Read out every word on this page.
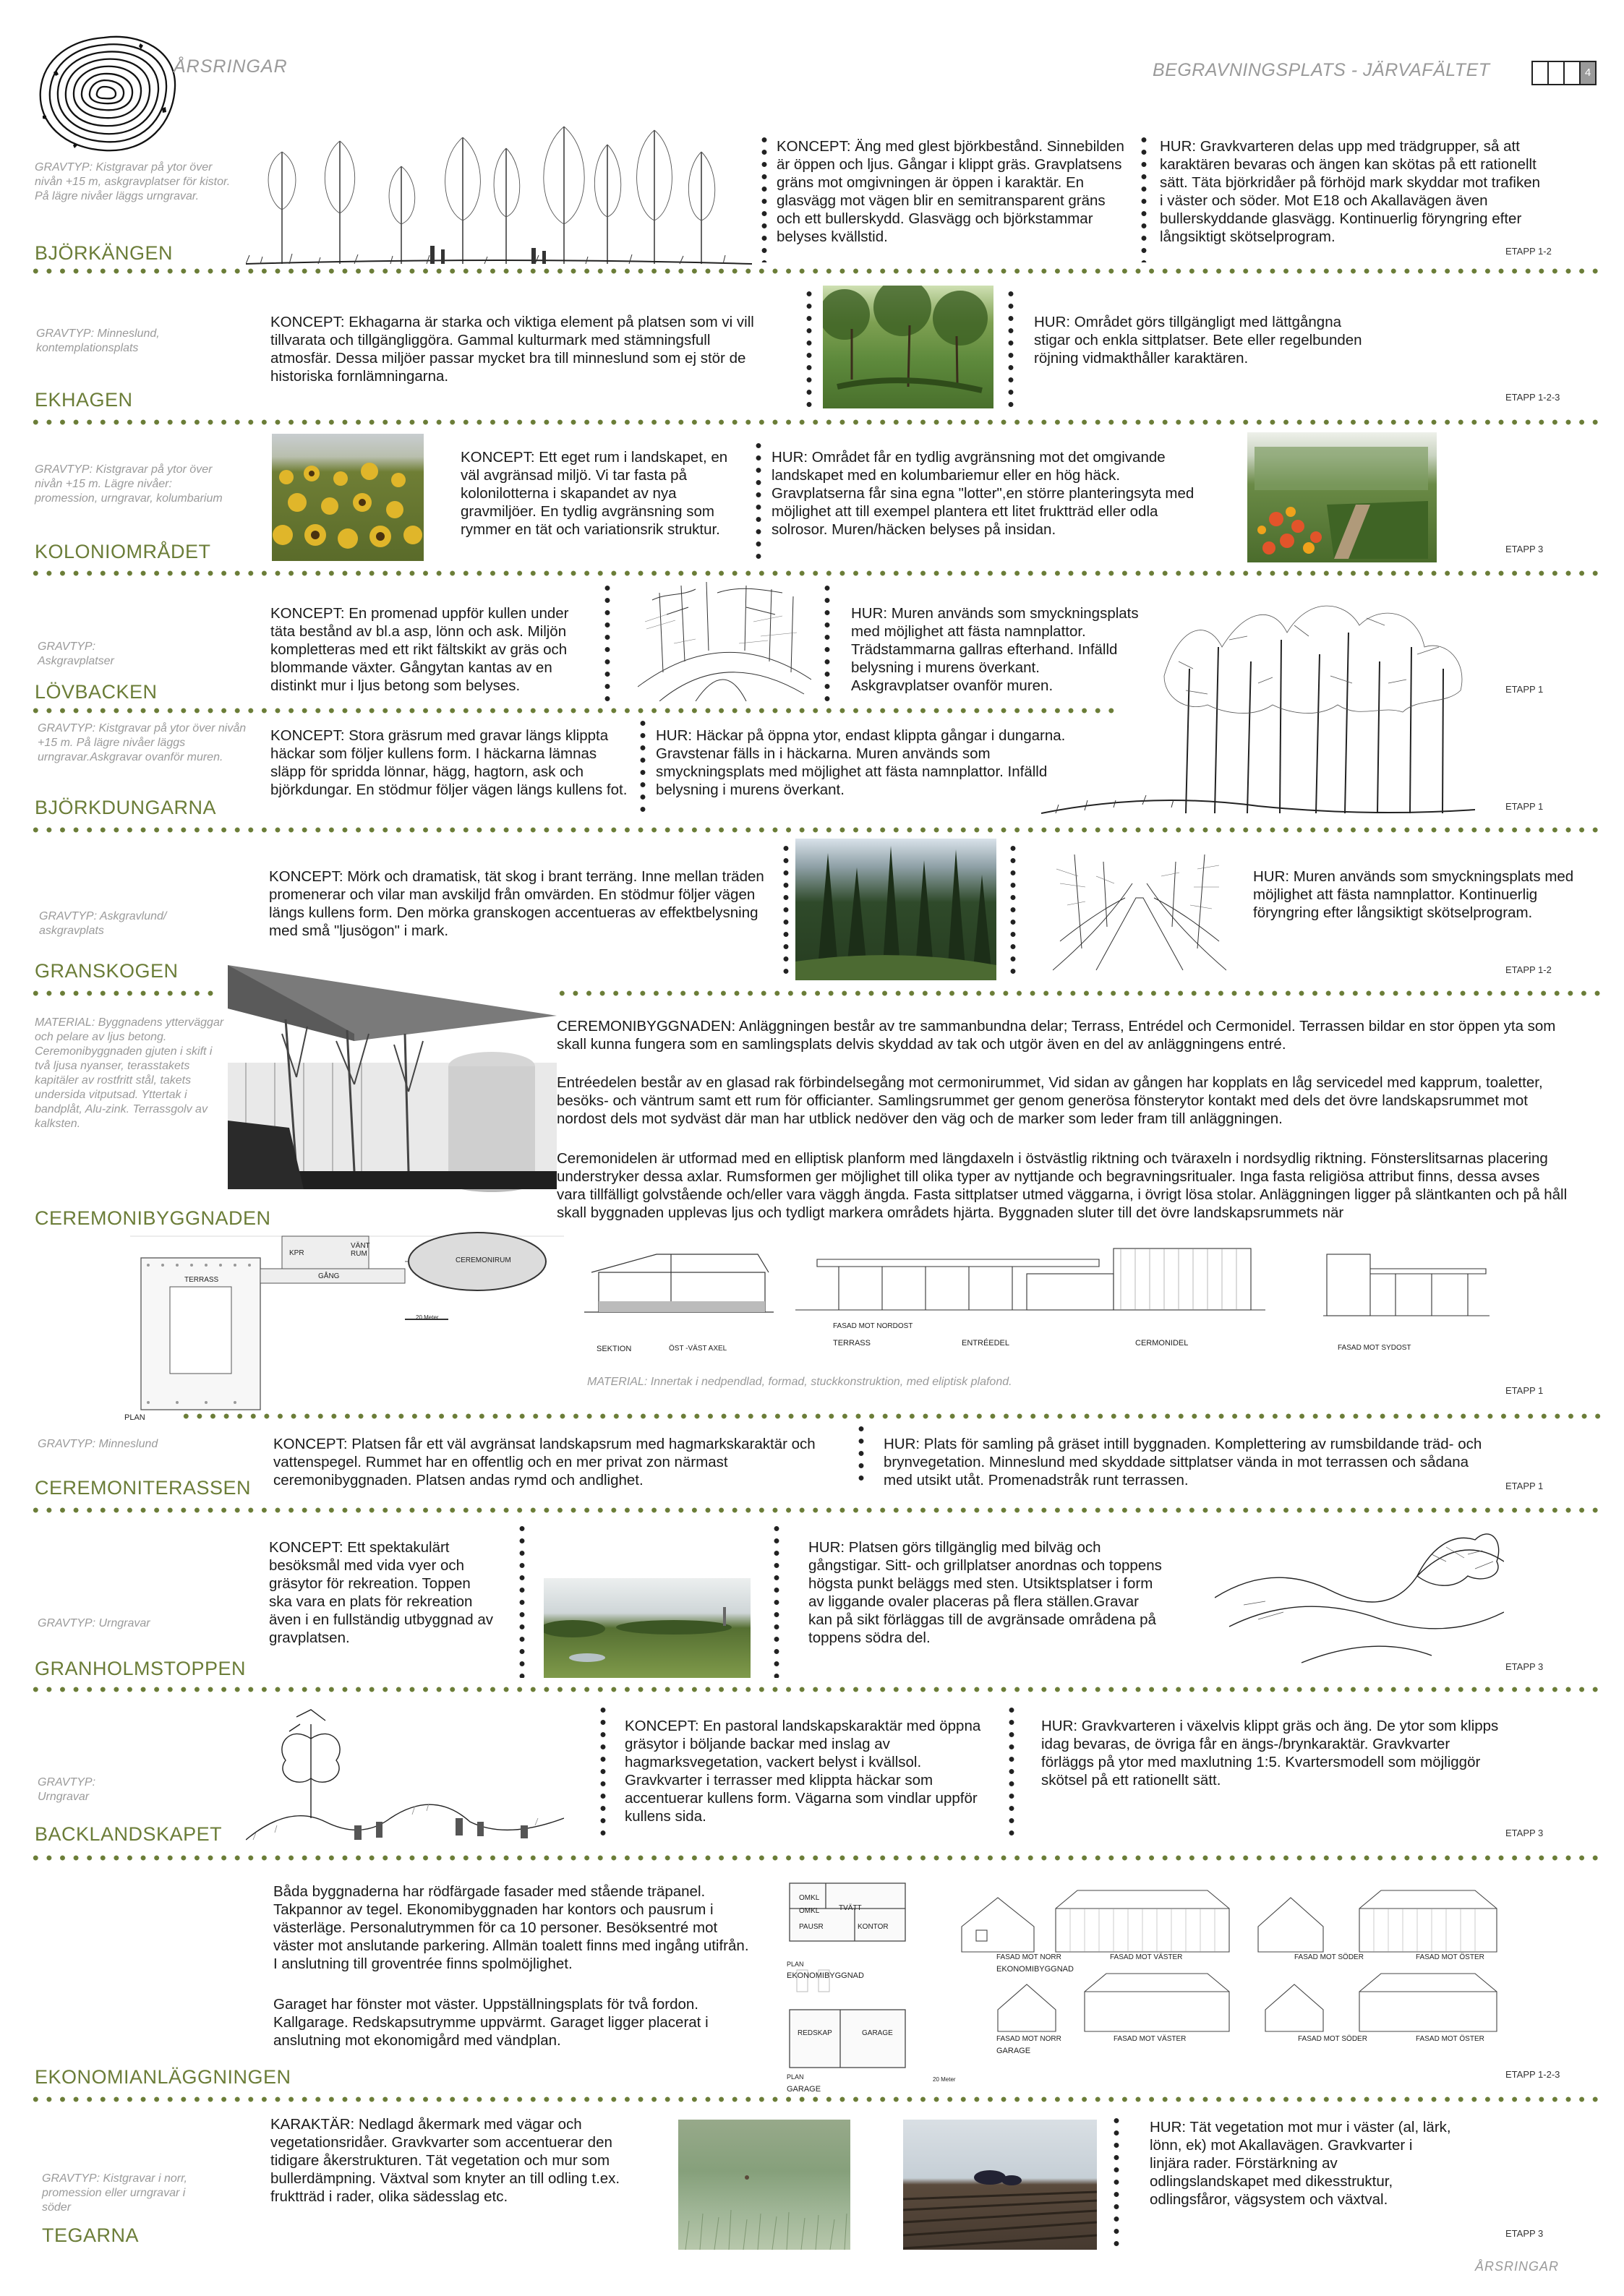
ÅRSRINGAR	BEGRAVNINGSPLATS - JÄRVAFÄLTET	4
GRAVTYP: Kistgravar på ytor över nivån +15 m, askgravplatser för kistor. På lägre nivåer läggs urngravar.
BJÖRKÄNGEN
KONCEPT: Äng med glest björkbestånd. Sinnebilden är öppen och ljus. Gångar i klippt gräs. Gravplatsens gräns mot omgivningen är öppen i karaktär. En glasvägg mot vägen blir en semitransparent gräns och ett bullerskydd. Glasvägg och björkstammar belyses kvällstid.
HUR: Gravkvarteren delas upp med trädgrupper, så att karaktären bevaras och ängen kan skötas på ett rationellt sätt. Täta björkridåer på förhöjd mark skyddar mot trafiken i väster och söder. Mot E18 och Akallavägen även bullerskyddande glasvägg. Kontinuerlig föryngring efter långsiktigt skötselprogram.
ETAPP 1-2
GRAVTYP: Minneslund, kontemplationsplats
EKHAGEN
KONCEPT: Ekhagarna är starka och viktiga element på platsen som vi vill tillvarata och tillgängliggöra. Gammal kulturmark med stämningsfull atmosfär. Dessa miljöer passar mycket bra till minneslund som ej stör de historiska fornlämningarna.
HUR: Området görs tillgängligt med lättgångna stigar och enkla sittplatser. Bete eller regelbunden röjning vidmakthåller karaktären.
ETAPP 1-2-3
GRAVTYP: Kistgravar på ytor över nivån +15 m. Lägre nivåer: promession, urngravar, kolumbarium
KOLONIOMRÅDET
KONCEPT: Ett eget rum i landskapet, en väl avgränsad miljö. Vi tar fasta på kolonilotterna i skapandet av nya gravmiljöer. En tydlig avgränsning som rymmer en tät och variationsrik struktur.
HUR: Området får en tydlig avgränsning mot det omgivande landskapet med en kolumbariemur eller en hög häck. Gravplatserna får sina egna "lotter",en större planteringsyta med möjlighet att till exempel plantera ett litet fruktträd eller odla solrosor. Muren/häcken belyses på insidan.
ETAPP 3
GRAVTYP: Askgravplatser
LÖVBACKEN
KONCEPT: En promenad uppför kullen under täta bestånd av bl.a asp, lönn och ask. Miljön kompletteras med ett rikt fältskikt av gräs och blommande växter. Gångytan kantas av en distinkt mur i ljus betong som belyses.
HUR: Muren används som smyckningsplats med möjlighet att fästa namnplattor. Trädstammarna gallras efterhand. Infälld belysning i murens överkant. Askgravplatser ovanför muren.	ETAPP 1
GRAVTYP: Kistgravar på ytor över nivån +15 m. På lägre nivåer läggs urngravar.Askgravar ovanför muren.
BJÖRKDUNGARNA
KONCEPT: Stora gräsrum med gravar längs klippta häckar som följer kullens form. I häckarna lämnas släpp för spridda lönnar, hägg, hagtorn, ask och björkdungar. En stödmur följer vägen längs kullens fot.
HUR: Häckar på öppna ytor, endast klippta gångar i dungarna. Gravstenar fälls in i häckarna. Muren används som smyckningsplats med möjlighet att fästa namnplattor. Infälld belysning i murens överkant.
ETAPP 1
GRAVTYP: Askgravlund/ askgravplats
GRANSKOGEN
KONCEPT: Mörk och dramatisk, tät skog i brant terräng. Inne mellan träden promenerar och vilar man avskiljd från omvärden. En stödmur följer vägen längs kullens form. Den mörka granskogen accentueras av effektbelysning med små "ljusögon" i mark.
HUR: Muren används som smyckningsplats med möjlighet att fästa namnplattor. Kontinuerlig föryngring efter långsiktigt skötselprogram.
ETAPP 1-2
MATERIAL: Byggnadens ytterväggar och pelare av ljus betong. Ceremonibyggnaden gjuten i skift i två ljusa nyanser, terasstakets kapitäler av rostfritt stål, takets undersida vitputsad. Yttertak i bandplåt, Alu-zink. Terrassgolv av kalksten.
CEREMONIBYGGNADEN
CEREMONIBYGGNADEN: Anläggningen består av tre sammanbundna delar; Terrass, Entrédel och Cermonidel. Terrassen bildar en stor öppen yta som skall kunna fungera som en samlingsplats delvis skyddad av tak och utgör även en del av anläggningens entré.
Entréedelen består av en glasad rak förbindelsegång mot cermonirummet, Vid sidan av gången har kopplats en låg servicedel med kapprum, toaletter, besöks- och väntrum samt ett rum för officianter. Samlingsrummet ger genom generösa fönsterytor kontakt med dels det övre landskapsrummet mot nordost dels mot sydväst där man har utblick nedöver den väg och de marker som leder fram till anläggningen.
Ceremonidelen är utformad med en elliptisk planform med längdaxeln i östvästlig riktning och tväraxeln i nordsydlig riktning. Fönsterslitsarnas placering understryker dessa axlar. Rumsformen ger möjlighet till olika typer av nyttjande och begravningsritualer. Inga fasta religiösa attribut finns, dessa avses vara tillfälligt golvstående och/eller vara väggh ängda. Fasta sittplatser utmed väggarna, i övrigt lösa stolar. Anläggningen ligger på släntkanten och på håll skall byggnaden upplevas ljus och tydligt markera områdets hjärta. Byggnaden sluter till det övre landskapsrummets när
TERRASS
KPR
VÄNT RUM
GÅNG
CEREMONIRUM
20 Meter
PLAN
SEKTION	ÖST -VÄST AXEL
FASAD MOT NORDOST
TERRASS	ENTRÉEDEL	CERMONIDEL
FASAD MOT SYDOST
MATERIAL: Innertak i nedpendlad, formad, stuckkonstruktion, med eliptisk plafond.
ETAPP 1
GRAVTYP: Minneslund
CEREMONITERASSEN
KONCEPT: Platsen får ett väl avgränsat landskapsrum med hagmarkskaraktär och vattenspegel. Rummet har en offentlig och en mer privat zon närmast ceremonibyggnaden. Platsen andas rymd och andlighet.
HUR: Plats för samling på gräset intill byggnaden. Komplettering av rumsbildande träd- och brynvegetation. Minneslund med skyddade sittplatser vända in mot terrassen och sådana med utsikt utåt. Promenadstråk runt terrassen.	ETAPP 1
GRAVTYP: Urngravar
GRANHOLMSTOPPEN
KONCEPT: Ett spektakulärt besöksmål med vida vyer och gräsytor för rekreation. Toppen ska vara en plats för rekreation även i en fullständig utbyggnad av gravplatsen.
HUR: Platsen görs tillgänglig med bilväg och gångstigar. Sitt- och grillplatser anordnas och toppens högsta punkt beläggs med sten. Utsiktsplatser i form av liggande ovaler placeras på flera ställen.Gravar kan på sikt förläggas till de avgränsade områdena på toppens södra del.
ETAPP 3
GRAVTYP: Urngravar
BACKLANDSKAPET
KONCEPT: En pastoral landskapskaraktär med öppna gräsytor i böljande backar med inslag av hagmarksvegetation, vackert belyst i kvällsol. Gravkvarter i terrasser med klippta häckar som accentuerar kullens form. Vägarna som vindlar uppför kullens sida.
HUR: Gravkvarteren i växelvis klippt gräs och äng. De ytor som klipps idag bevaras, de övriga får en ängs-/brynkaraktär. Gravkvarter förläggs på ytor med maxlutning 1:5. Kvartersmodell som möjliggör skötsel på ett rationellt sätt.
ETAPP 3
Båda byggnaderna har rödfärgade fasader med stående träpanel. Takpannor av tegel. Ekonomibyggnaden har kontors och pausrum i västerläge. Personalutrymmen för ca 10 personer. Besöksentré mot väster mot anslutande parkering. Allmän toalett finns med ingång utifrån. I anslutning till groventrée finns spolmöjlighet.
Garaget har fönster mot väster. Uppställningsplats för två fordon. Kallgarage. Redskapsutrymme uppvärmt. Garaget ligger placerat i anslutning mot ekonomigård med vändplan.
EKONOMIANLÄGGNINGEN
OMKL
OMKL	TVÄTT
PAUSR	KONTOR
PLAN
EKONOMIBYGGNAD
REDSKAP	GARAGE
PLAN
GARAGE
FASAD MOT NORR
EKONOMIBYGGNAD
FASAD MOT VÄSTER	FASAD MOT SÖDER	FASAD MOT ÖSTER
FASAD MOT NORR
GARAGE
FASAD MOT VÄSTER	FASAD MOT SÖDER	FASAD MOT ÖSTER
20 Meter	ETAPP 1-2-3
GRAVTYP: Kistgravar i norr, promession eller urngravar i söder
TEGARNA
KARAKTÄR: Nedlagd åkermark med vägar och vegetationsridåer. Gravkvarter som accentuerar den tidigare åkerstrukturen. Tät vegetation och mur som bullerdämpning. Växtval som knyter an till odling t.ex. fruktträd i rader, olika sädesslag etc.
HUR: Tät vegetation mot mur i väster (al, lärk, lönn, ek) mot Akallavägen. Gravkvarter i linjära rader. Förstärkning av odlingslandskapet med dikesstruktur, odlingsfåror, vägsystem och växtval.
ETAPP 3
ÅRSRINGAR
